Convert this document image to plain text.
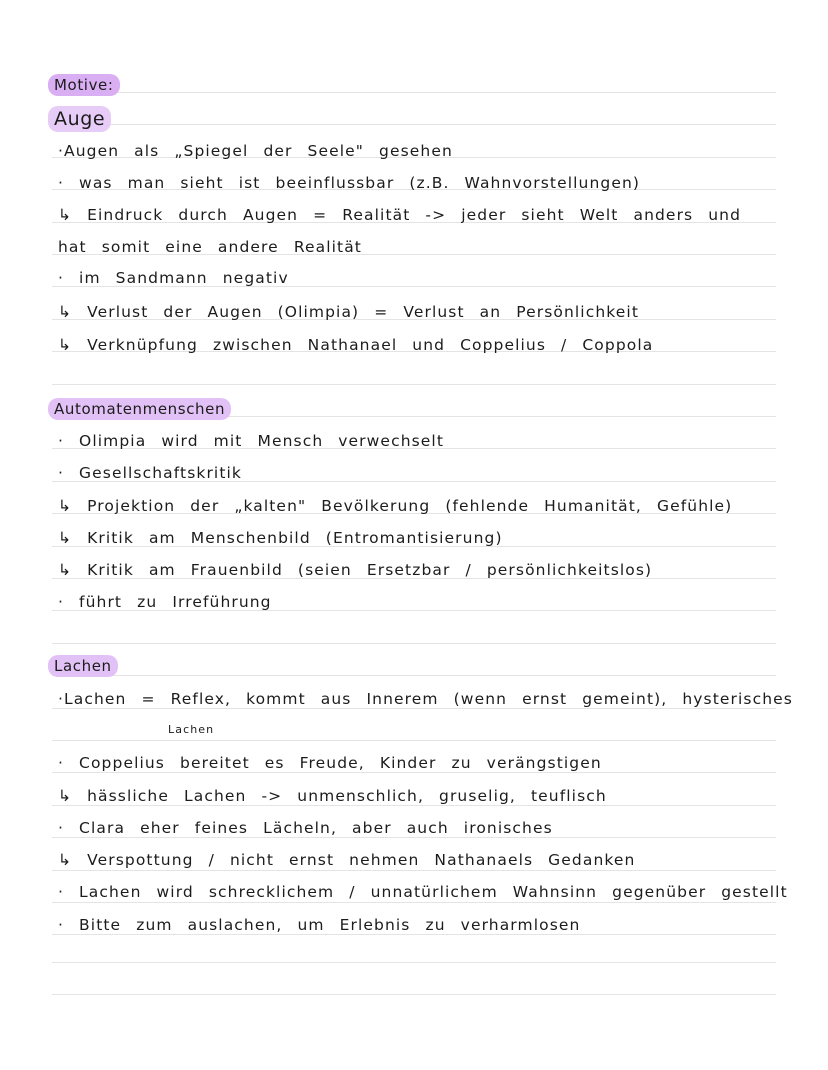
Motive:
Auge
·Augen als „Spiegel der Seele" gesehen
· was man sieht ist beeinflussbar (z.B. Wahnvorstellungen)
↳ Eindruck durch Augen = Realität -> jeder sieht Welt anders und
hat somit eine andere Realität
· im Sandmann negativ
↳ Verlust der Augen (Olimpia) = Verlust an Persönlichkeit
↳ Verknüpfung zwischen Nathanael und Coppelius / Coppola
Automatenmenschen
· Olimpia wird mit Mensch verwechselt
· Gesellschaftskritik
↳ Projektion der „kalten" Bevölkerung (fehlende Humanität, Gefühle)
↳ Kritik am Menschenbild (Entromantisierung)
↳ Kritik am Frauenbild (seien Ersetzbar / persönlichkeitslos)
· führt zu Irreführung
Lachen
·Lachen = Reflex, kommt aus Innerem (wenn ernst gemeint), hysterisches
Lachen
· Coppelius bereitet es Freude, Kinder zu verängstigen
↳ hässliche Lachen -> unmenschlich, gruselig, teuflisch
· Clara eher feines Lächeln, aber auch ironisches
↳ Verspottung / nicht ernst nehmen Nathanaels Gedanken
· Lachen wird schrecklichem / unnatürlichem Wahnsinn gegenüber gestellt
· Bitte zum auslachen, um Erlebnis zu verharmlosen
